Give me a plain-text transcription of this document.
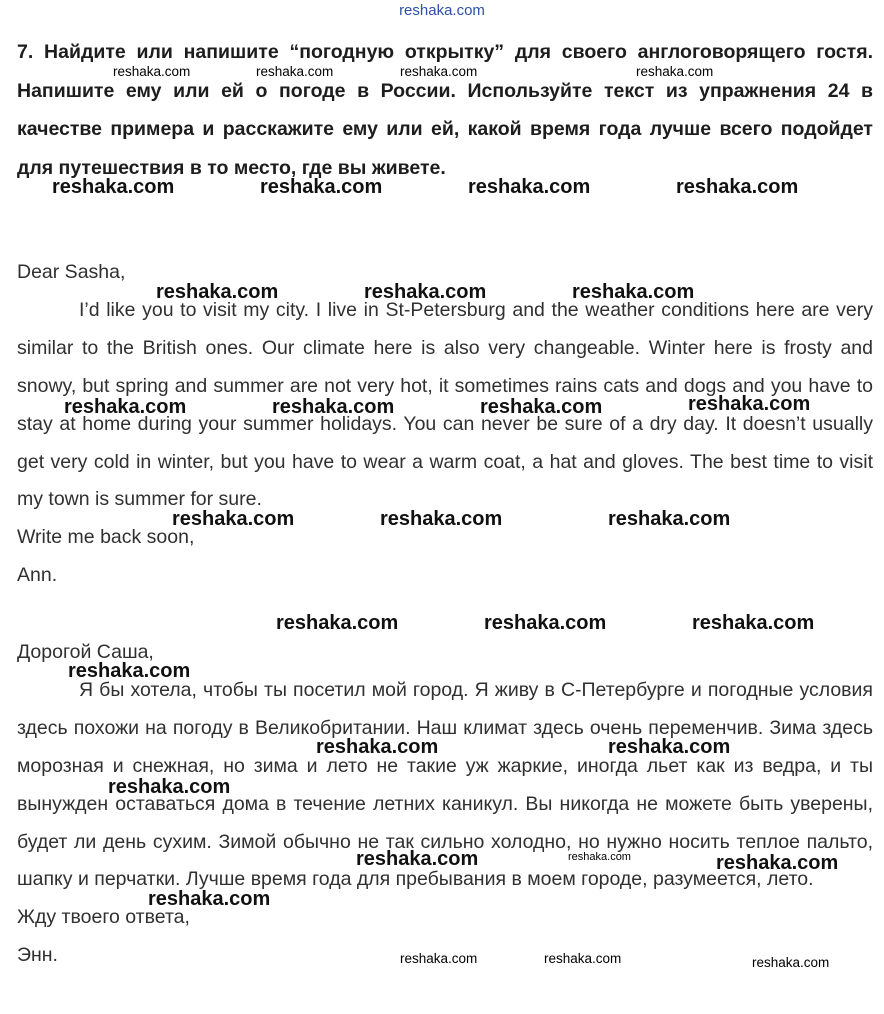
reshaka.com
7. Найдите или напишите “погодную открытку” для своего англоговорящего гостя. Напишите ему или ей о погоде в России. Используйте текст из упражнения 24 в качестве примера и расскажите ему или ей, какой время года лучше всего подойдет для путешествия в то место, где вы живете.

Dear Sasha,

I’d like you to visit my city. I live in St-Petersburg and the weather conditions here are very similar to the British ones. Our climate here is also very changeable. Winter here is frosty and snowy, but spring and summer are not very hot, it sometimes rains cats and dogs and you have to stay at home during your summer holidays. You can never be sure of a dry day. It doesn’t usually get very cold in winter, but you have to wear a warm coat, a hat and gloves. The best time to visit my town is summer for sure.

Write me back soon,

Ann.

Дорогой Саша,

Я бы хотела, чтобы ты посетил мой город. Я живу в С-Петербурге и погодные условия здесь похожи на погоду в Великобритании. Наш климат здесь очень переменчив. Зима здесь морозная и снежная, но зима и лето не такие уж жаркие, иногда льет как из ведра, и ты вынужден оставаться дома в течение летних каникул. Вы никогда не можете быть уверены, будет ли день сухим. Зимой обычно не так сильно холодно, но нужно носить теплое пальто, шапку и перчатки. Лучше время года для пребывания в моем городе, разумеется, лето.

Жду твоего ответа,

Энн.

reshaka.com	reshaka.com	reshaka.com	reshaka.com
reshaka.com	reshaka.com	reshaka.com	reshaka.com
reshaka.com	reshaka.com	reshaka.com
reshaka.com	reshaka.com	reshaka.com	reshaka.com
reshaka.com	reshaka.com	reshaka.com
reshaka.com	reshaka.com	reshaka.com
reshaka.com
reshaka.com	reshaka.com
reshaka.com
reshaka.com	reshaka.com	reshaka.com
reshaka.com
reshaka.com	reshaka.com	reshaka.com
